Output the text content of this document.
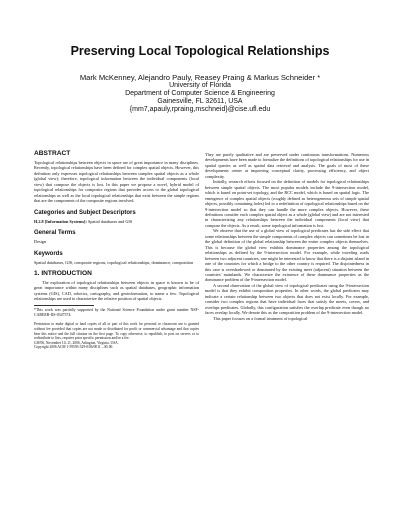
Preserving Local Topological Relationships
Mark McKenney, Alejandro Pauly, Reasey Praing & Markus Schneider *
University of Florida
Department of Computer Science & Engineering
Gainesville, FL 32611, USA
{mm7,apauly,rpraing,mschneid}@cise.ufl.edu
ABSTRACT

Topological relationships between objects in space are of great importance in many disciplines. Recently, topological relationships have been defined for complex spatial objects. However, this definition only expresses topological relationships between complex spatial objects as a whole (global view); therefore, topological information between the individual components (local view) that compose the objects is lost. In this paper we propose a novel, hybrid model of topological relationships for composite regions that provides access to the global topological relationships as well as the local topological relationships that exist between the simple regions that are the components of the composite regions involved.

Categories and Subject Descriptors

H.2.8 [Information Systems]: Spatial databases and GIS

General Terms

Design

Keywords

Spatial databases, GIS, composite regions, topological relationships, dominance, composition

1. INTRODUCTION

The exploration of topological relationships between objects in space is known to be of great importance within many disciplines such as spatial databases, geographic information systems (GIS), CAD, robotics, cartography, and geoinformation, to name a few. Topological relationships are used to characterize the relative position of spatial objects.

*This work was partially supported by the National Science Foundation under grant number NSF-CAREER-IIS-0347574.

Permission to make digital or hard copies of all or part of this work for personal or classroom use is granted without fee provided that copies are not made or distributed for profit or commercial advantage and that copies bear this notice and the full citation on the first page. To copy otherwise, to republish, to post on servers or to redistribute to lists, requires prior specific permission and/or a fee.

GIS'06, November 10–11, 2006, Arlington, Virginia, USA.

Copyright 2006 ACM 1-59593-529-0/06/0011 ...$5.00.

They are purely qualitative and are preserved under continuous transformations. Numerous developments have been made to formalize the definitions of topological relationships for use in spatial queries as well as spatial data retrieval and analysis. The goals of most of these developments center at improving conceptual clarity, processing efficiency, and object complexity.

Initially, research efforts focused on the definition of models for topological relationships between simple spatial objects. The most popular models include the 9-intersection model, which is based on point-set topology, and the RCC model, which is based on spatial logic. The emergence of complex spatial objects (roughly defined as heterogeneous sets of simple spatial objects, possibly containing holes) led to a redefinition of topological relationships based on the 9-intersection model so that they can handle the more complex objects. However, these definitions consider each complex spatial object as a whole (global view) and are not interested in characterizing any relationships between the individual components (local view) that compose the objects. As a result, some topological information is lost.

We observe that the use of a global view of topological predicates has the side effect that some relationships between the simple components of complex objects can sometimes be lost in the global definition of the global relationship between the entire complex objects themselves. This is because the global view exhibits dominance properties among the topological relationships as defined by the 9-intersection model. For example, while traveling roads between two adjacent countries, one might be interested to know that there is a disjoint island in one of the countries for which a bridge to the other country is required. The disjointedness in this case is overshadowed or dominated by the existing meet (adjacent) situation between the countries' mainlands. We characterize the existence of these dominance properties as the dominance problem of the 9-intersection model.

A second observation of the global view of topological predicates using the 9-intersection model is that they exhibit composition properties. In other words, the global predicates may indicate a certain relationship between two objects that does not exist locally. For example, consider two complex regions that have individual faces that satisfy the meets, covers, and overlaps predicates. Globally, this configuration satisfies the overlap predicate even though no faces overlap locally. We denote this as the composition problem of the 9-intersection model.

This paper focuses on a formal treatment of topological
